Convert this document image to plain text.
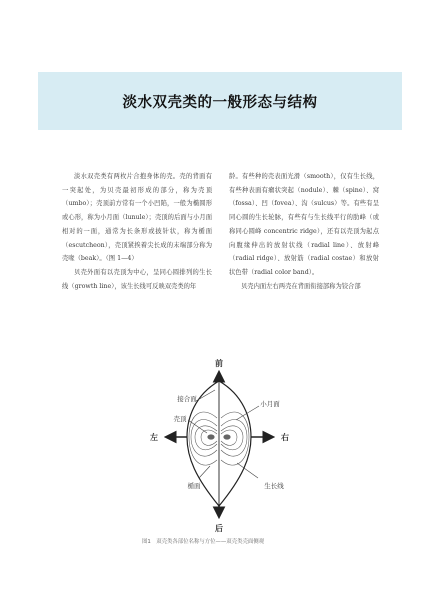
淡水双壳类的一般形态与结构

淡水双壳类有两枚片合抱身体的壳。壳的背面有一突起处，为贝壳最初形成的部分，称为壳顶（umbo）；壳顶前方常有一个小凹陷，一般为椭圆形或心形，称为小月面（lunule）；壳顶的后面与小月面相对的一面，通常为长条形或披针状，称为楯面（escutcheon），壳顶紧挨着尖长成的末端部分称为壳喙（beak）。（图 1—4）

贝壳外面有以壳顶为中心，呈同心圆排列的生长线（growth line），该生长线可反映双壳类的年

龄。有些种的壳表面光滑（smooth），仅有生长线，有些种表面有瘤状突起（nodule）、棘（spine）、窝（fossa）、凹（fovea）、沟（sulcus）等。有些有呈同心圆的生长轮脉，有些有与生长线平行的肋峰（或称同心圆峰 concentric ridge），还有以壳顶为起点向腹缘伸出的放射状线（radial line）、放射峰（radial ridge）、放射筋（radial costae）和放射状色带（radial color band）。

贝壳内面左右两壳在背面衔接部称为铰合部

前
后
左	右
接合面
壳顶
小月面
楯面	生长线
图1　双壳类各部位名称与方位——双壳类壳面侧观
